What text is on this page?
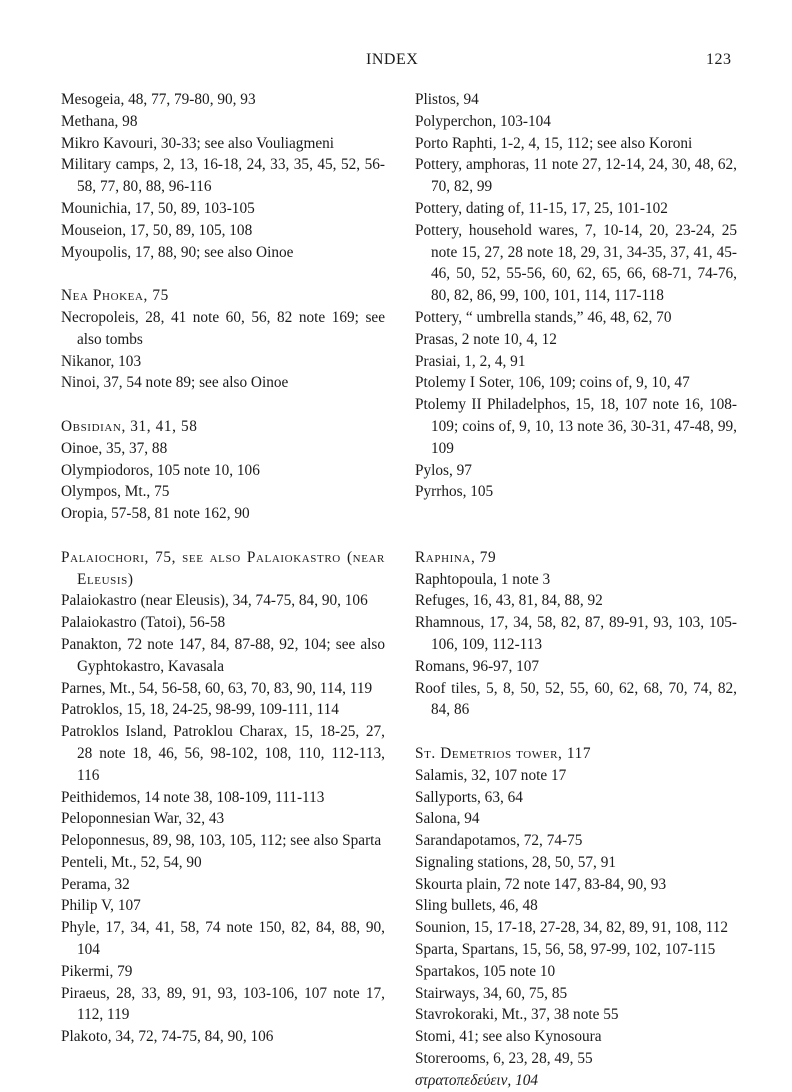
INDEX	123
Mesogeia, 48, 77, 79-80, 90, 93
Methana, 98
Mikro Kavouri, 30-33; see also Vouliagmeni
Military camps, 2, 13, 16-18, 24, 33, 35, 45, 52, 56-58, 77, 80, 88, 96-116
Mounichia, 17, 50, 89, 103-105
Mouseion, 17, 50, 89, 105, 108
Myoupolis, 17, 88, 90; see also Oinoe
Nea Phokea, 75
Necropoleis, 28, 41 note 60, 56, 82 note 169; see also tombs
Nikanor, 103
Ninoi, 37, 54 note 89; see also Oinoe
Obsidian, 31, 41, 58
Oinoe, 35, 37, 88
Olympiodoros, 105 note 10, 106
Olympos, Mt., 75
Oropia, 57-58, 81 note 162, 90
Palaiochori, 75, see also Palaiokastro (near Eleusis)
Palaiokastro (near Eleusis), 34, 74-75, 84, 90, 106
Palaiokastro (Tatoi), 56-58
Panakton, 72 note 147, 84, 87-88, 92, 104; see also Gyphtokastro, Kavasala
Parnes, Mt., 54, 56-58, 60, 63, 70, 83, 90, 114, 119
Patroklos, 15, 18, 24-25, 98-99, 109-111, 114
Patroklos Island, Patroklou Charax, 15, 18-25, 27, 28 note 18, 46, 56, 98-102, 108, 110, 112-113, 116
Peithidemos, 14 note 38, 108-109, 111-113
Peloponnesian War, 32, 43
Peloponnesus, 89, 98, 103, 105, 112; see also Sparta
Penteli, Mt., 52, 54, 90
Perama, 32
Philip V, 107
Phyle, 17, 34, 41, 58, 74 note 150, 82, 84, 88, 90, 104
Pikermi, 79
Piraeus, 28, 33, 89, 91, 93, 103-106, 107 note 17, 112, 119
Plakoto, 34, 72, 74-75, 84, 90, 106
Plistos, 94
Polyperchon, 103-104
Porto Raphti, 1-2, 4, 15, 112; see also Koroni
Pottery, amphoras, 11 note 27, 12-14, 24, 30, 48, 62, 70, 82, 99
Pottery, dating of, 11-15, 17, 25, 101-102
Pottery, household wares, 7, 10-14, 20, 23-24, 25 note 15, 27, 28 note 18, 29, 31, 34-35, 37, 41, 45-46, 50, 52, 55-56, 60, 62, 65, 66, 68-71, 74-76, 80, 82, 86, 99, 100, 101, 114, 117-118
Pottery, “ umbrella stands,” 46, 48, 62, 70
Prasas, 2 note 10, 4, 12
Prasiai, 1, 2, 4, 91
Ptolemy I Soter, 106, 109; coins of, 9, 10, 47
Ptolemy II Philadelphos, 15, 18, 107 note 16, 108-109; coins of, 9, 10, 13 note 36, 30-31, 47-48, 99, 109
Pylos, 97
Pyrrhos, 105
Raphina, 79
Raphtopoula, 1 note 3
Refuges, 16, 43, 81, 84, 88, 92
Rhamnous, 17, 34, 58, 82, 87, 89-91, 93, 103, 105-106, 109, 112-113
Romans, 96-97, 107
Roof tiles, 5, 8, 50, 52, 55, 60, 62, 68, 70, 74, 82, 84, 86
St. Demetrios tower, 117
Salamis, 32, 107 note 17
Sallyports, 63, 64
Salona, 94
Sarandapotamos, 72, 74-75
Signaling stations, 28, 50, 57, 91
Skourta plain, 72 note 147, 83-84, 90, 93
Sling bullets, 46, 48
Sounion, 15, 17-18, 27-28, 34, 82, 89, 91, 108, 112
Sparta, Spartans, 15, 56, 58, 97-99, 102, 107-115
Spartakos, 105 note 10
Stairways, 34, 60, 75, 85
Stavrokoraki, Mt., 37, 38 note 55
Stomi, 41; see also Kynosoura
Storerooms, 6, 23, 28, 49, 55
στρατοπεδεύειν, 104
